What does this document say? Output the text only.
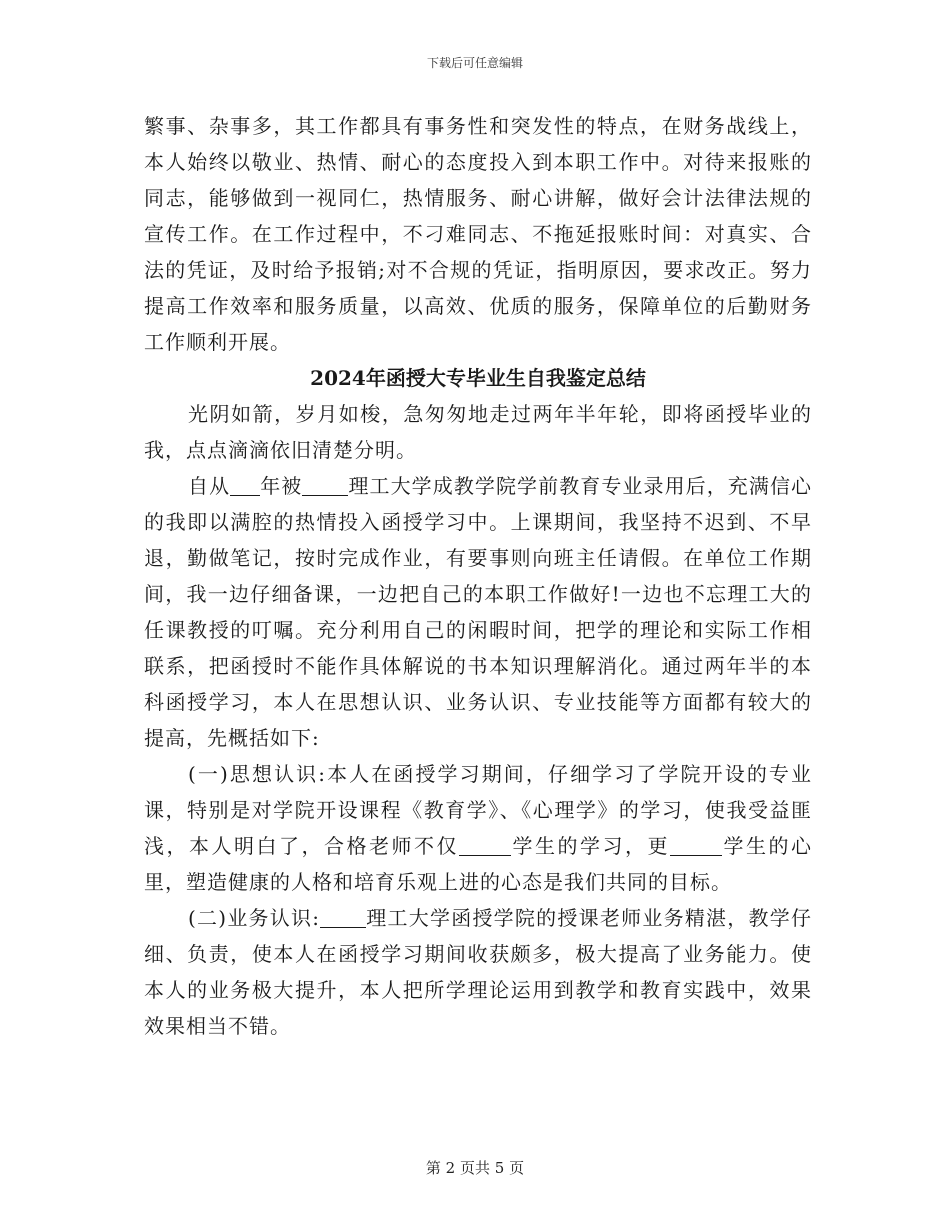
下载后可任意编辑

繁事、杂事多，其工作都具有事务性和突发性的特点，在财务战线上，本人始终以敬业、热情、耐心的态度投入到本职工作中。对待来报账的同志，能够做到一视同仁，热情服务、耐心讲解，做好会计法律法规的宣传工作。在工作过程中，不刁难同志、不拖延报账时间：对真实、合法的凭证，及时给予报销;对不合规的凭证，指明原因，要求改正。努力提高工作效率和服务质量，以高效、优质的服务，保障单位的后勤财务工作顺利开展。

2024年函授大专毕业生自我鉴定总结

光阴如箭，岁月如梭，急匆匆地走过两年半年轮，即将函授毕业的我，点点滴滴依旧清楚分明。

自从 年被 理工大学成教学院学前教育专业录用后，充满信心的我即以满腔的热情投入函授学习中。上课期间，我坚持不迟到、不早退，勤做笔记，按时完成作业，有要事则向班主任请假。在单位工作期间，我一边仔细备课，一边把自己的本职工作做好!一边也不忘理工大的任课教授的叮嘱。充分利用自己的闲暇时间，把学的理论和实际工作相联系，把函授时不能作具体解说的书本知识理解消化。通过两年半的本科函授学习，本人在思想认识、业务认识、专业技能等方面都有较大的提高，先概括如下:

(一)思想认识:本人在函授学习期间，仔细学习了学院开设的专业课，特别是对学院开设课程《教育学》、《心理学》的学习，使我受益匪浅，本人明白了，合格老师不仅	学生的学习，更	学生的心里，塑造健康的人格和培育乐观上进的心态是我们共同的目标。

(二)业务认识: 理工大学函授学院的授课老师业务精湛，教学仔细、负责，使本人在函授学习期间收获颇多，极大提高了业务能力。使本人的业务极大提升，本人把所学理论运用到教学和教育实践中，效果效果相当不错。

第 2 页共 5 页
